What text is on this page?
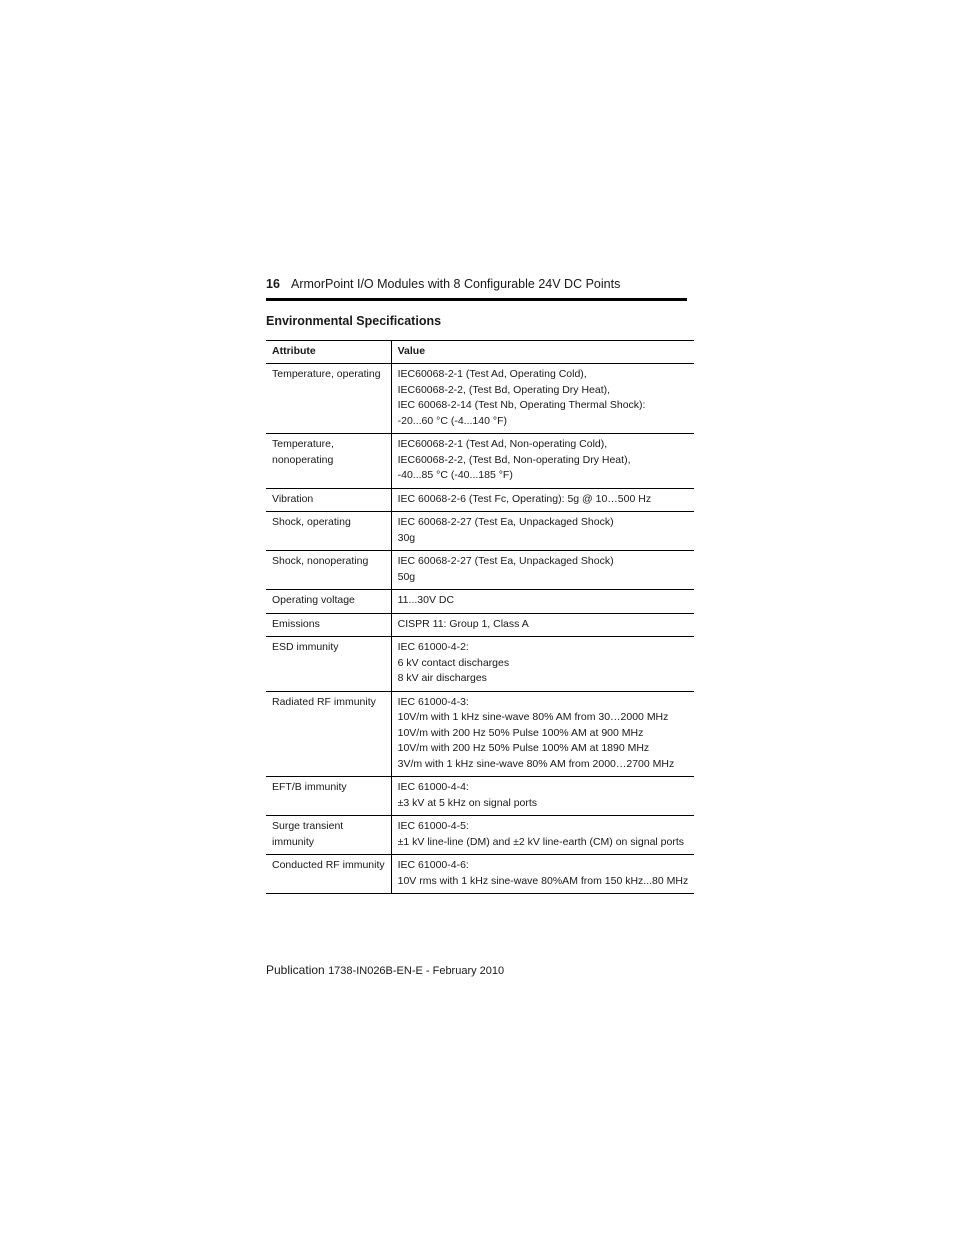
16 ArmorPoint I/O Modules with 8 Configurable 24V DC Points
Environmental Specifications
Attribute	Value

Temperature, operating	IEC60068-2-1 (Test Ad, Operating Cold),
IEC60068-2-2, (Test Bd, Operating Dry Heat),
IEC 60068-2-14 (Test Nb, Operating Thermal Shock):
-20...60 °C (-4...140 °F)

Temperature,
nonoperating	IEC60068-2-1 (Test Ad, Non-operating Cold),
IEC60068-2-2, (Test Bd, Non-operating Dry Heat),
-40...85 °C (-40...185 °F)

Vibration	IEC 60068-2-6 (Test Fc, Operating): 5g @ 10…500 Hz

Shock, operating	IEC 60068-2-27 (Test Ea, Unpackaged Shock)
30g

Shock, nonoperating	IEC 60068-2-27 (Test Ea, Unpackaged Shock)
50g

Operating voltage	11...30V DC

Emissions	CISPR 11: Group 1, Class A

ESD immunity	IEC 61000-4-2:
6 kV contact discharges
8 kV air discharges

Radiated RF immunity	IEC 61000-4-3:
10V/m with 1 kHz sine-wave 80% AM from 30…2000 MHz
10V/m with 200 Hz 50% Pulse 100% AM at 900 MHz
10V/m with 200 Hz 50% Pulse 100% AM at 1890 MHz
3V/m with 1 kHz sine-wave 80% AM from 2000…2700 MHz

EFT/B immunity	IEC 61000-4-4:
±3 kV at 5 kHz on signal ports

Surge transient
immunity	IEC 61000-4-5:
±1 kV line-line (DM) and ±2 kV line-earth (CM) on signal ports

Conducted RF immunity	IEC 61000-4-6:
10V rms with 1 kHz sine-wave 80%AM from 150 kHz...80 MHz
Publication 1738-IN026B-EN-E - February 2010
